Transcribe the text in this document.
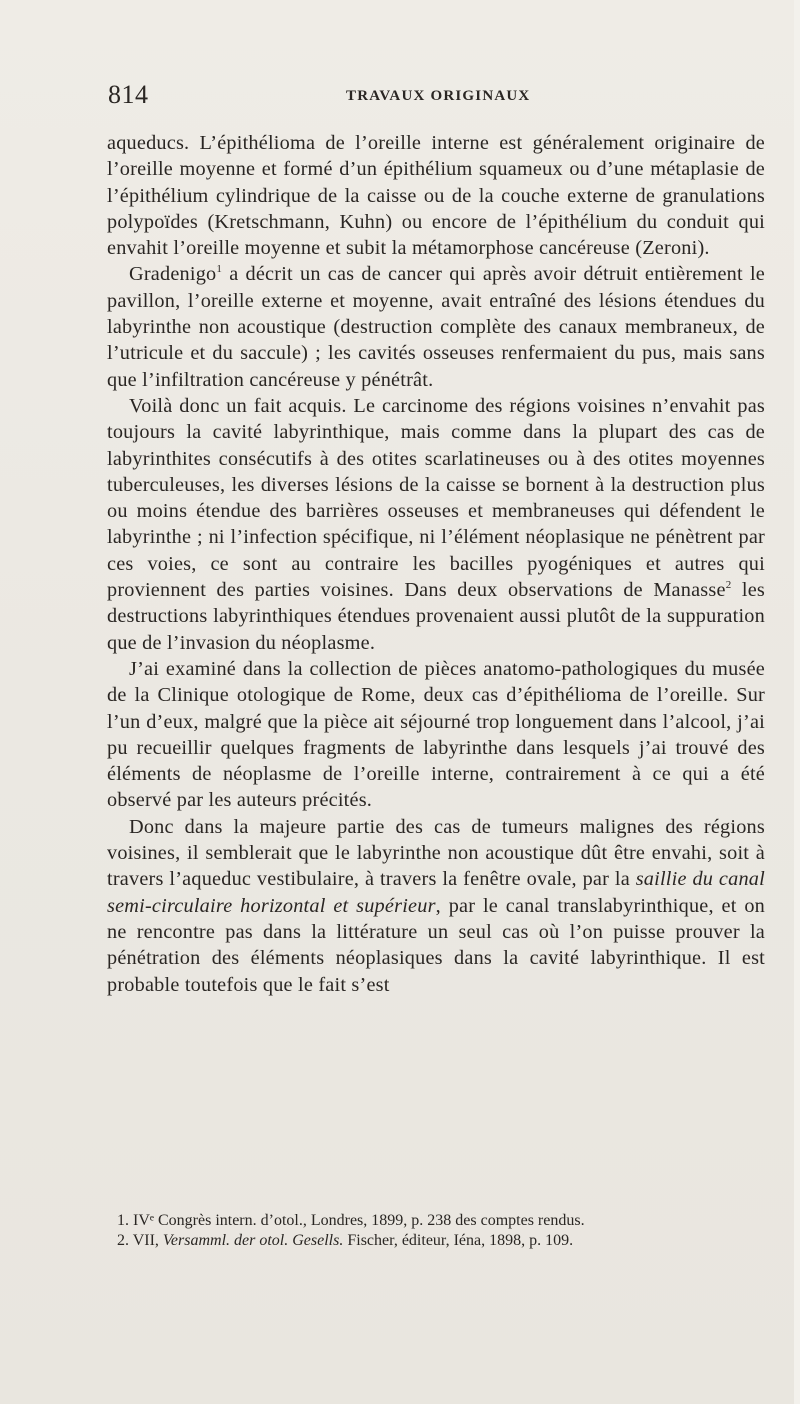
814	TRAVAUX ORIGINAUX

aqueducs. L’épithélioma de l’oreille interne est généralement originaire de l’oreille moyenne et formé d’un épithélium squameux ou d’une métaplasie de l’épithélium cylindrique de la caisse ou de la couche externe de granulations polypoïdes (Kretschmann, Kuhn) ou encore de l’épithélium du conduit qui envahit l’oreille moyenne et subit la métamorphose cancéreuse (Zeroni).

Gradenigo$^1$ a décrit un cas de cancer qui après avoir détruit entièrement le pavillon, l’oreille externe et moyenne, avait entraîné des lésions étendues du labyrinthe non acoustique (destruction complète des canaux membraneux, de l’utricule et du saccule) ; les cavités osseuses renfermaient du pus, mais sans que l’infiltration cancéreuse y pénétrât.

Voilà donc un fait acquis. Le carcinome des régions voisines n’envahit pas toujours la cavité labyrinthique, mais comme dans la plupart des cas de labyrinthites consécutifs à des otites scarlatineuses ou à des otites moyennes tuberculeuses, les diverses lésions de la caisse se bornent à la destruction plus ou moins étendue des barrières osseuses et membraneuses qui défendent le labyrinthe ; ni l’infection spécifique, ni l’élément néoplasique ne pénètrent par ces voies, ce sont au contraire les bacilles pyogéniques et autres qui proviennent des parties voisines. Dans deux observations de Manasse$^2$ les destructions labyrinthiques étendues provenaient aussi plutôt de la suppuration que de l’invasion du néoplasme.

J’ai examiné dans la collection de pièces anatomo-pathologiques du musée de la Clinique otologique de Rome, deux cas d’épithélioma de l’oreille. Sur l’un d’eux, malgré que la pièce ait séjourné trop longuement dans l’alcool, j’ai pu recueillir quelques fragments de labyrinthe dans lesquels j’ai trouvé des éléments de néoplasme de l’oreille interne, contrairement à ce qui a été observé par les auteurs précités.

Donc dans la majeure partie des cas de tumeurs malignes des régions voisines, il semblerait que le labyrinthe non acoustique dût être envahi, soit à travers l’aqueduc vestibulaire, à travers la fenêtre ovale, par la saillie du canal semi-circulaire horizontal et supérieur, par le canal translabyrinthique, et on ne rencontre pas dans la littérature un seul cas où l’on puisse prouver la pénétration des éléments néoplasiques dans la cavité labyrinthique. Il est probable toutefois que le fait s’est

1. IVᵉ Congrès intern. d’otol., Londres, 1899, p. 238 des comptes rendus.

2. VII, Versamml. der otol. Gesells. Fischer, éditeur, Iéna, 1898, p. 109.
